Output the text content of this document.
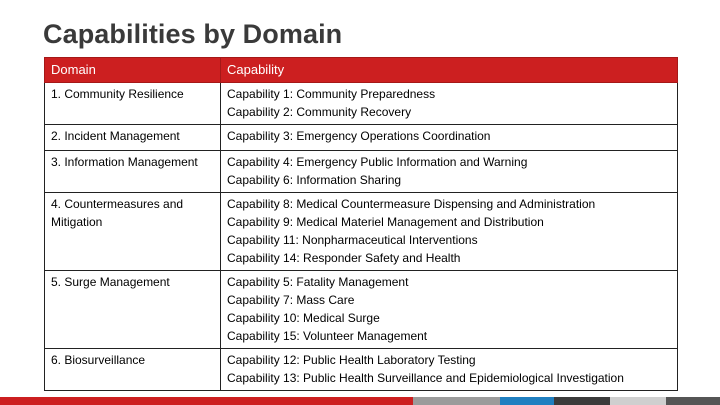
Capabilities by Domain
Domain	Capability
1. Community Resilience	Capability 1: Community Preparedness
Capability 2: Community Recovery

2. Incident Management	Capability 3: Emergency Operations Coordination

3. Information Management	Capability 4: Emergency Public Information and Warning
Capability 6: Information Sharing

4. Countermeasures and Mitigation	Capability 8: Medical Countermeasure Dispensing and Administration
Capability 9: Medical Materiel Management and Distribution
Capability 11: Nonpharmaceutical Interventions
Capability 14: Responder Safety and Health

5. Surge Management	Capability 5: Fatality Management
Capability 7: Mass Care
Capability 10: Medical Surge
Capability 15: Volunteer Management

6. Biosurveillance	Capability 12: Public Health Laboratory Testing
Capability 13: Public Health Surveillance and Epidemiological Investigation
